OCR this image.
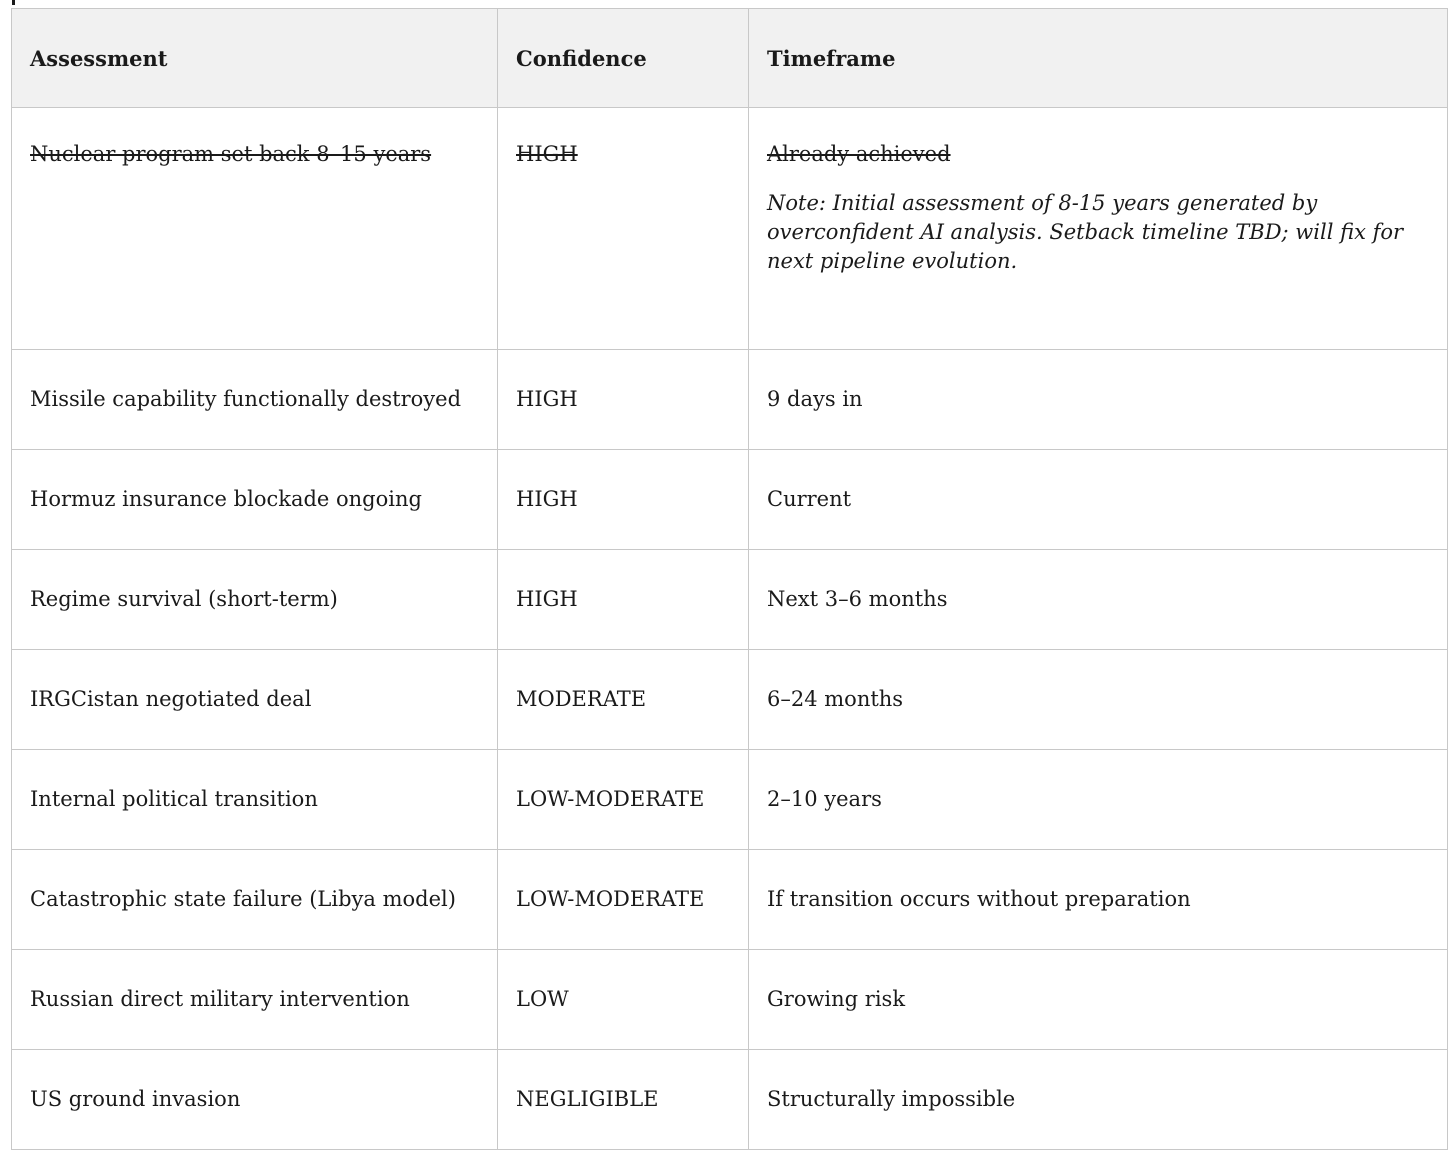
Assessment	Confidence	Timeframe
Nuclear program set back 8–15 years	HIGH	Already achieved
Note: Initial assessment of 8-15 years generated by overconfident AI analysis. Setback timeline TBD; will fix for next pipeline evolution.

Missile capability functionally destroyed	HIGH	9 days in
Hormuz insurance blockade ongoing	HIGH	Current
Regime survival (short-term)	HIGH	Next 3–6 months
IRGCistan negotiated deal	MODERATE	6–24 months
Internal political transition	LOW-MODERATE	2–10 years
Catastrophic state failure (Libya model)	LOW-MODERATE	If transition occurs without preparation
Russian direct military intervention	LOW	Growing risk
US ground invasion	NEGLIGIBLE	Structurally impossible
